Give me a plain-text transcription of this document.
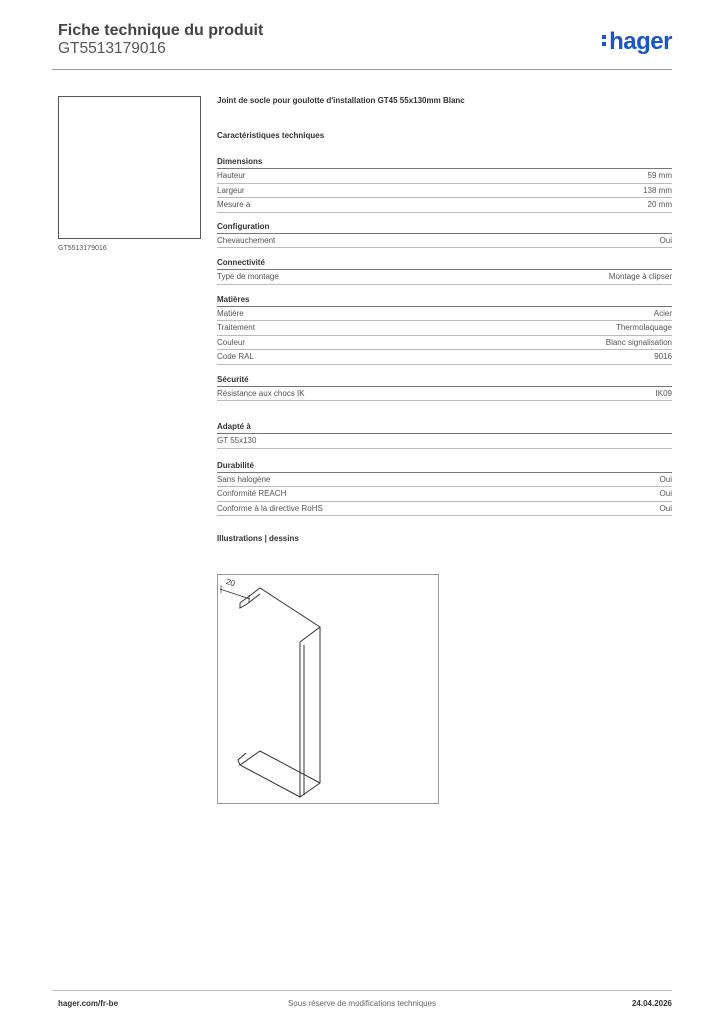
Fiche technique du produit
GT5513179016	hager
GT5513179016
Joint de socle pour goulotte d'installation GT45 55x130mm Blanc
Caractéristiques techniques
Dimensions
Hauteur	59 mm
Largeur	138 mm
Mesure a	20 mm
Configuration
Chevauchement	Oui
Connectivité
Type de montage	Montage à clipser
Matières
Matière	Acier
Traitement	Thermolaquage
Couleur	Blanc signalisation
Code RAL	9016
Sécurité
Résistance aux chocs IK	IK09
Adapté à
GT 55x130
Durabilité
Sans halogène	Oui
Conformité REACH	Oui
Conforme à la directive RoHS	Oui
Illustrations | dessins
20
hager.com/fr-be	Sous réserve de modifications techniques	24.04.2026
